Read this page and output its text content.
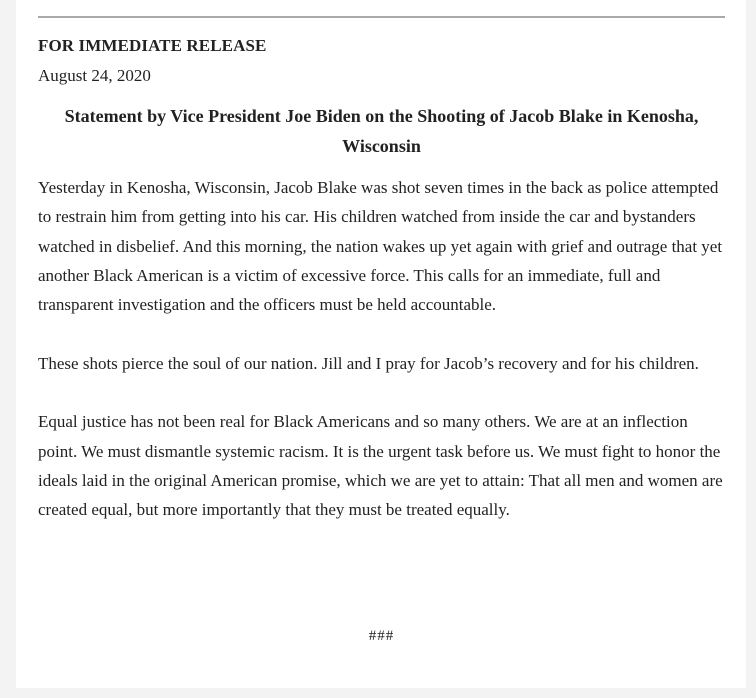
FOR IMMEDIATE RELEASE
August 24, 2020
Statement by Vice President Joe Biden on the Shooting of Jacob Blake in Kenosha, Wisconsin

Yesterday in Kenosha, Wisconsin, Jacob Blake was shot seven times in the back as police attempted to restrain him from getting into his car. His children watched from inside the car and bystanders watched in disbelief. And this morning, the nation wakes up yet again with grief and outrage that yet another Black American is a victim of excessive force. This calls for an immediate, full and transparent investigation and the officers must be held accountable.

These shots pierce the soul of our nation. Jill and I pray for Jacob’s recovery and for his children.

Equal justice has not been real for Black Americans and so many others. We are at an inflection point. We must dismantle systemic racism. It is the urgent task before us. We must fight to honor the ideals laid in the original American promise, which we are yet to attain: That all men and women are created equal, but more importantly that they must be treated equally.

###
